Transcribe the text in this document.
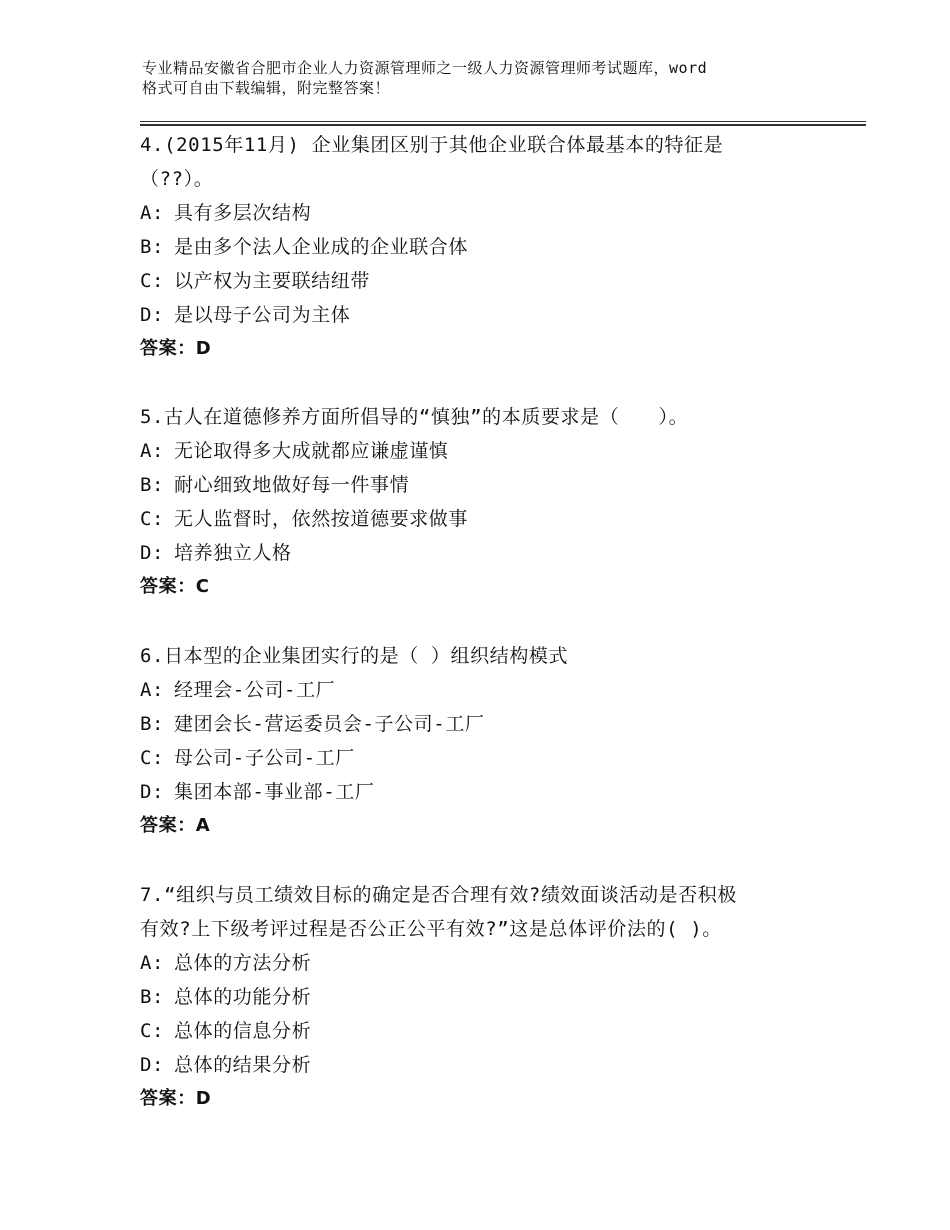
专业精品安徽省合肥市企业人力资源管理师之一级人力资源管理师考试题库，word
格式可自由下载编辑，附完整答案！
4.(2015年11月) 企业集团区别于其他企业联合体最基本的特征是
（??）。
A: 具有多层次结构
B: 是由多个法人企业成的企业联合体
C: 以产权为主要联结纽带
D: 是以母子公司为主体
答案：D
5.古人在道德修养方面所倡导的“慎独”的本质要求是（　　）。
A: 无论取得多大成就都应谦虚谨慎
B: 耐心细致地做好每一件事情
C: 无人监督时，依然按道德要求做事
D: 培养独立人格
答案：C
6.日本型的企业集团实行的是（ ）组织结构模式
A: 经理会-公司-工厂
B: 建团会长-营运委员会-子公司-工厂
C: 母公司-子公司-工厂
D: 集团本部-事业部-工厂
答案：A
7.“组织与员工绩效目标的确定是否合理有效?绩效面谈活动是否积极
有效?上下级考评过程是否公正公平有效?”这是总体评价法的( )。
A: 总体的方法分析
B: 总体的功能分析
C: 总体的信息分析
D: 总体的结果分析
答案：D
